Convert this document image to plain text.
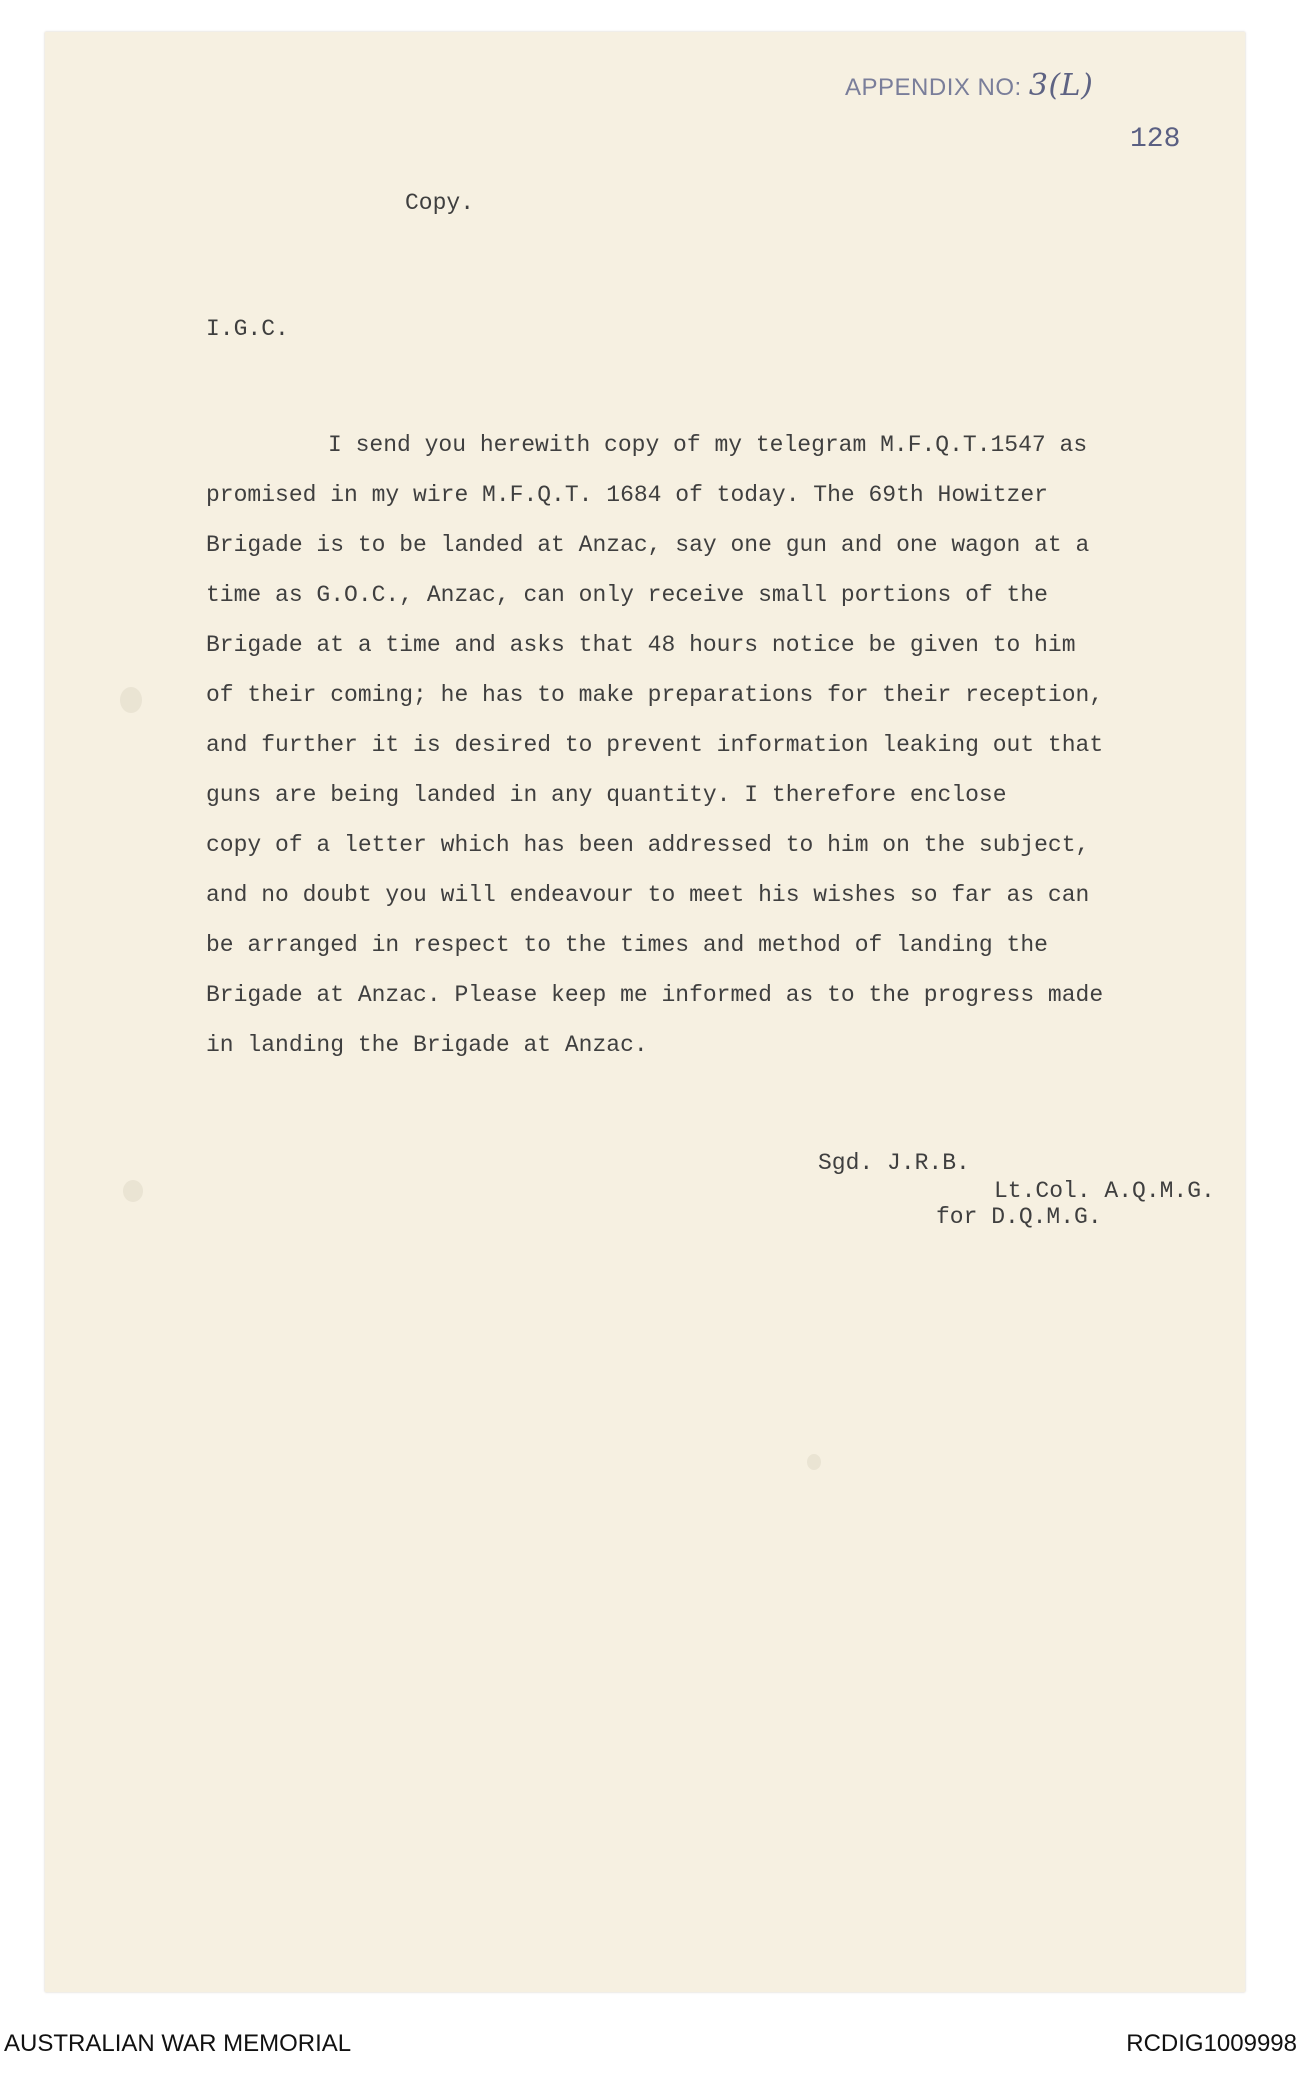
APPENDIX NO: 3(L)
128
Copy.
I.G.C.
I send you herewith copy of my telegram M.F.Q.T.1547 as
promised in my wire M.F.Q.T. 1684 of today. The 69th Howitzer
Brigade is to be landed at Anzac, say one gun and one wagon at a
time as G.O.C., Anzac, can only receive small portions of the
Brigade at a time and asks that 48 hours notice be given to him
of their coming; he has to make preparations for their reception,
and further it is desired to prevent information leaking out that
guns are being landed in any quantity. I therefore enclose
copy of a letter which has been addressed to him on the subject,
and no doubt you will endeavour to meet his wishes so far as can
be arranged in respect to the times and method of landing the
Brigade at Anzac. Please keep me informed as to the progress made
in landing the Brigade at Anzac.
Sgd. J.R.B.
Lt.Col. A.Q.M.G.
for D.Q.M.G.
AUSTRALIAN WAR MEMORIAL	RCDIG1009998
